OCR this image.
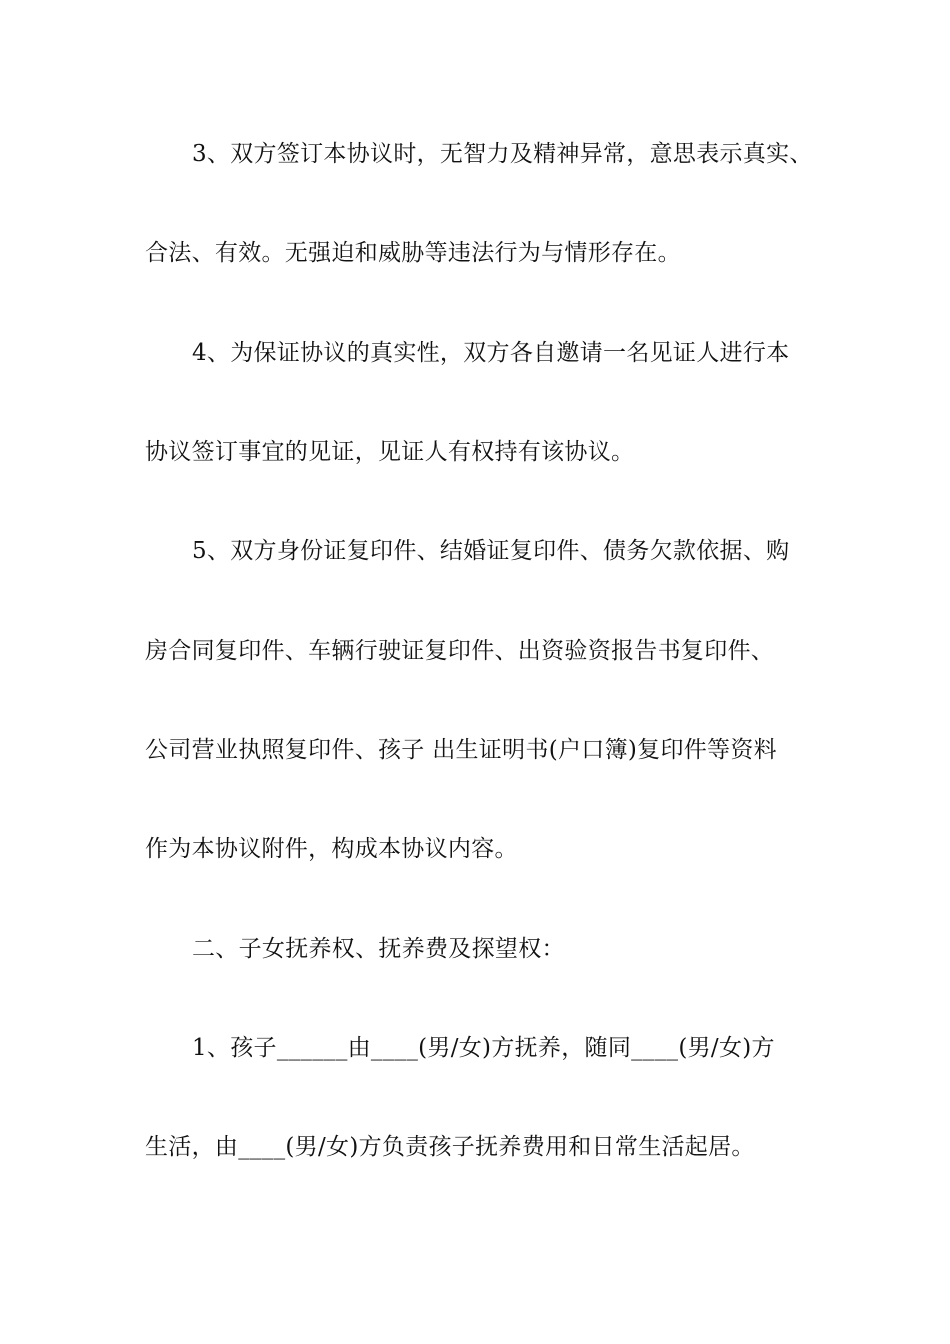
3、双方签订本协议时，无智力及精神异常，意思表示真实、
合法、有效。无强迫和威胁等违法行为与情形存在。
4、为保证协议的真实性，双方各自邀请一名见证人进行本
协议签订事宜的见证，见证人有权持有该协议。
5、双方身份证复印件、结婚证复印件、债务欠款依据、购
房合同复印件、车辆行驶证复印件、出资验资报告书复印件、
公司营业执照复印件、孩子 出生证明书(户口簿)复印件等资料
作为本协议附件，构成本协议内容。
二、子女抚养权、抚养费及探望权：
1、孩子______由____(男/女)方抚养，随同____(男/女)方
生活，由____(男/女)方负责孩子抚养费用和日常生活起居。
